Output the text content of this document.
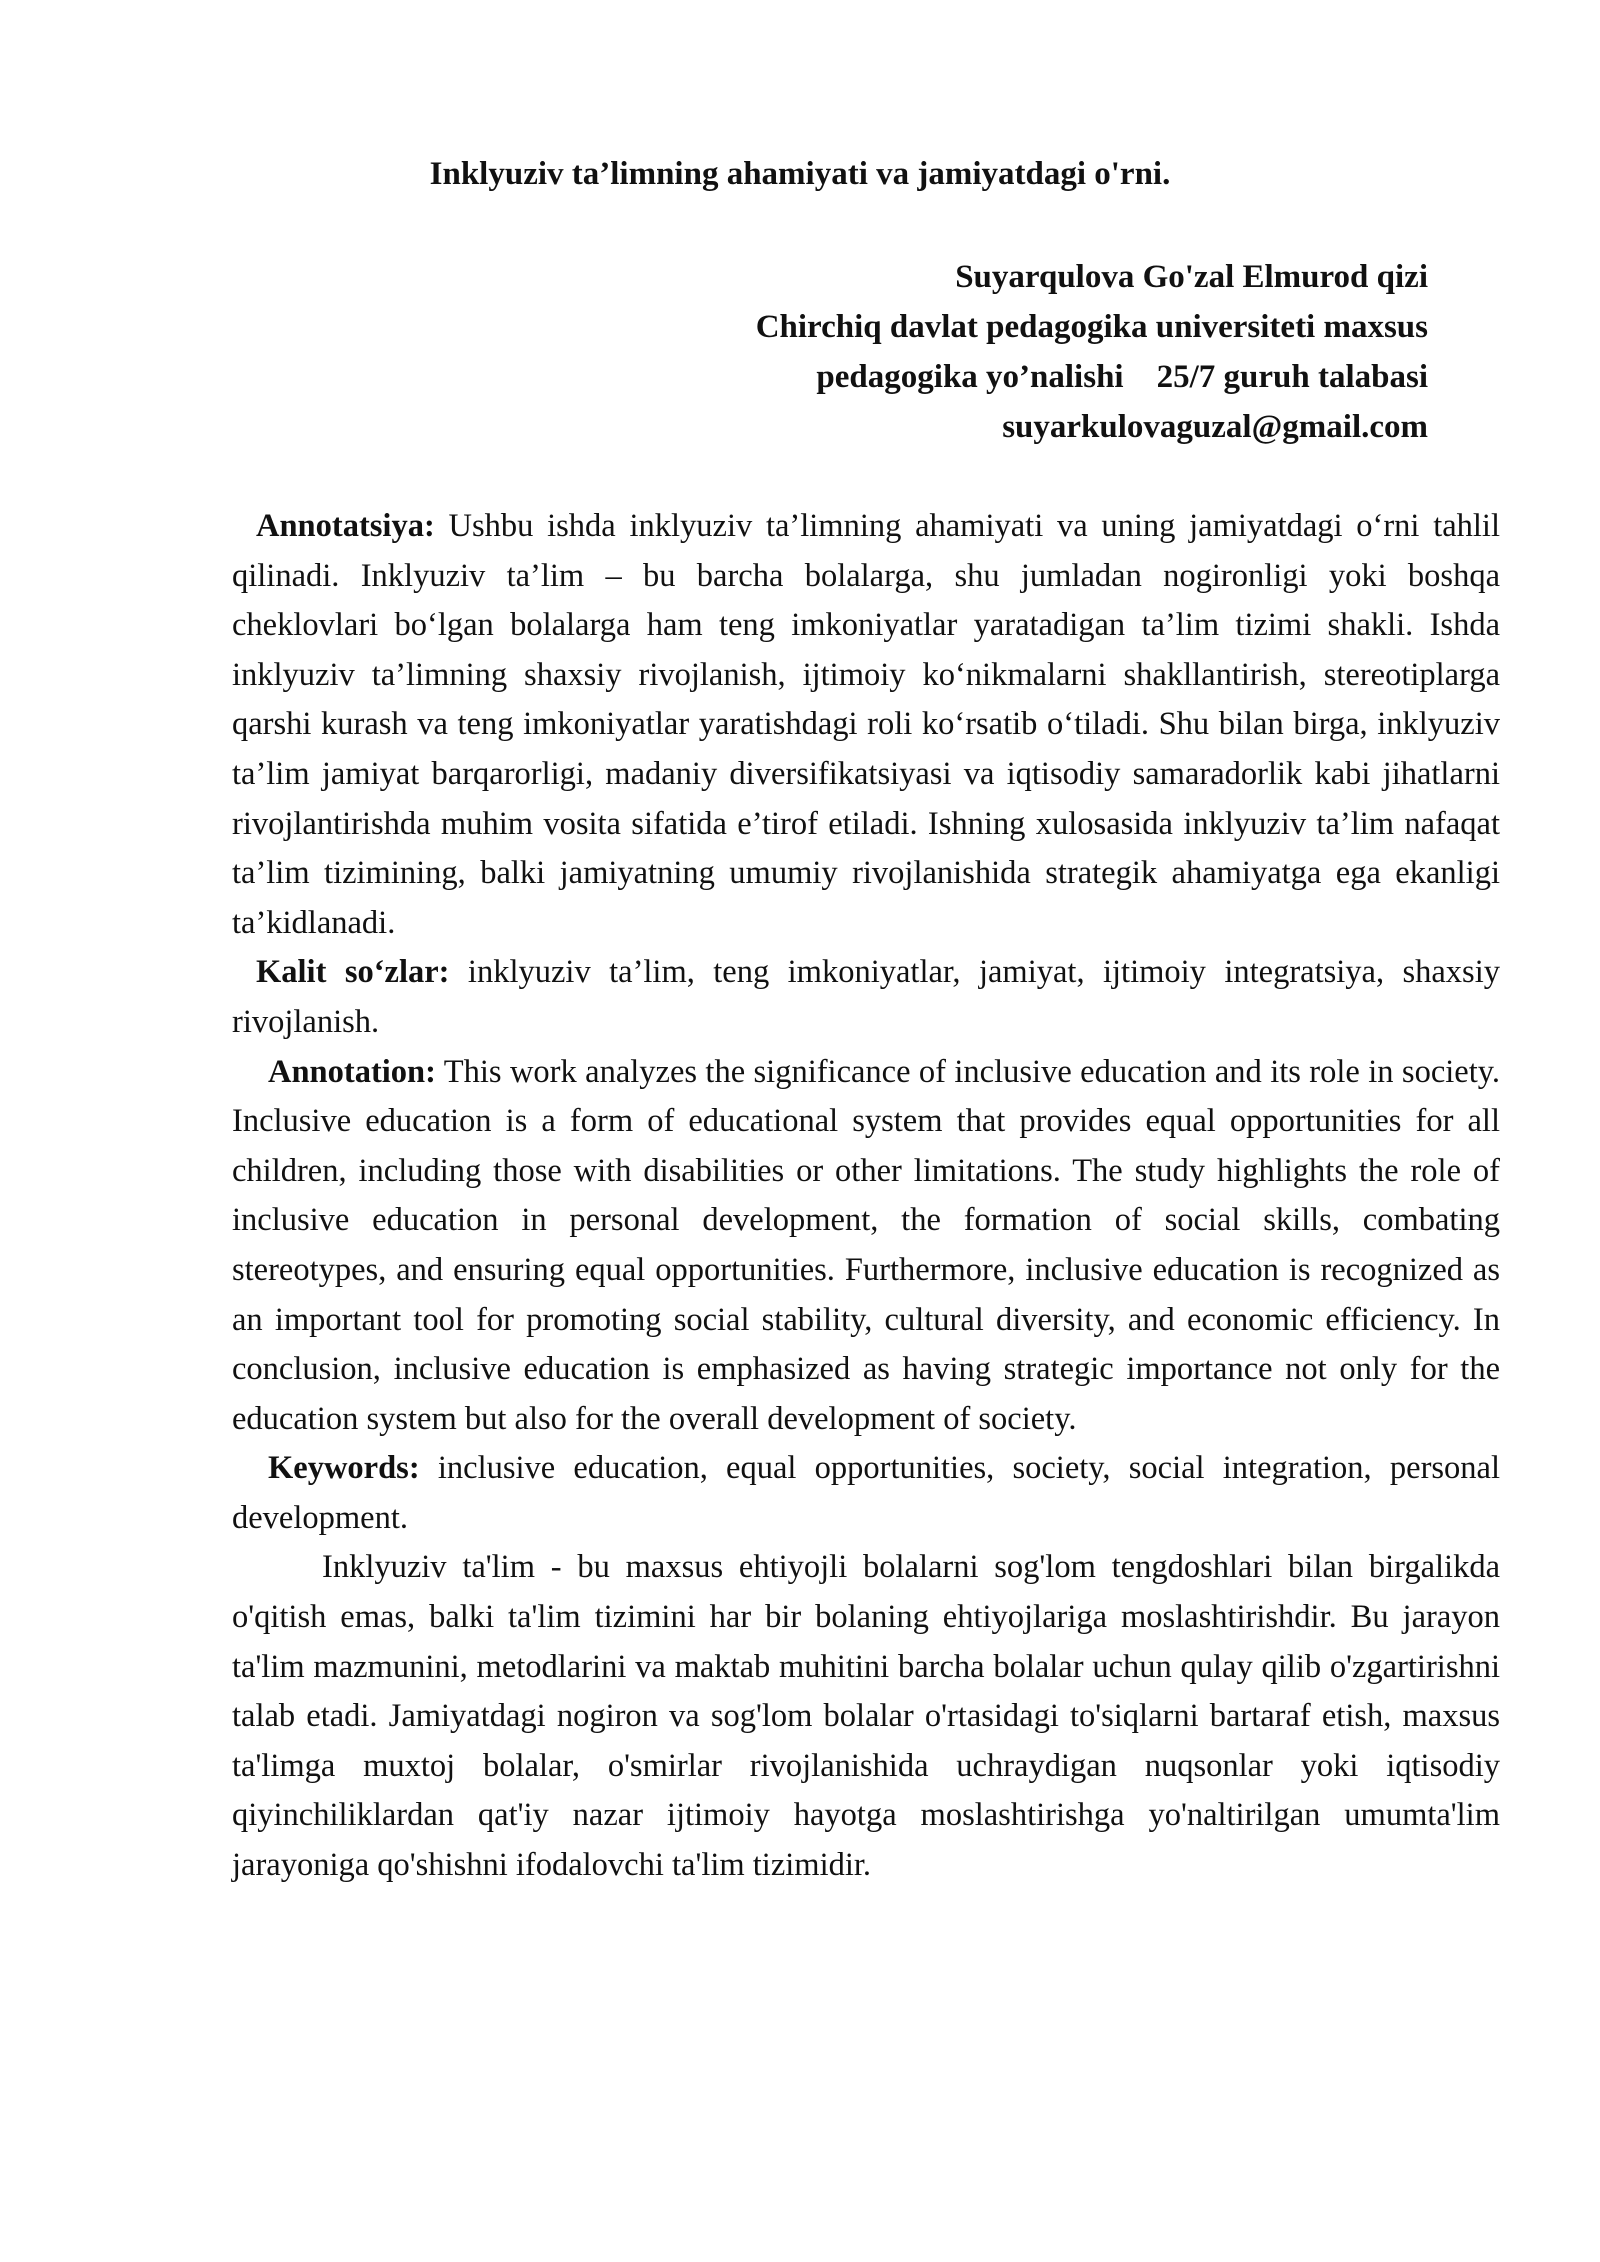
Inklyuziv ta’limning ahamiyati va jamiyatdagi o'rni.
Suyarqulova Go'zal Elmurod qizi
Chirchiq davlat pedagogika universiteti maxsus
pedagogika yo’nalishi    25/7 guruh talabasi
suyarkulovaguzal@gmail.com

Annotatsiya: Ushbu ishda inklyuziv ta’limning ahamiyati va uning jamiyatdagi o‘rni tahlil qilinadi. Inklyuziv ta’lim – bu barcha bolalarga, shu jumladan nogironligi yoki boshqa cheklovlari bo‘lgan bolalarga ham teng imkoniyatlar yaratadigan ta’lim tizimi shakli. Ishda inklyuziv ta’limning shaxsiy rivojlanish, ijtimoiy ko‘nikmalarni shakllantirish, stereotiplarga qarshi kurash va teng imkoniyatlar yaratishdagi roli ko‘rsatib o‘tiladi. Shu bilan birga, inklyuziv ta’lim jamiyat barqarorligi, madaniy diversifikatsiyasi va iqtisodiy samaradorlik kabi jihatlarni rivojlantirishda muhim vosita sifatida e’tirof etiladi. Ishning xulosasida inklyuziv ta’lim nafaqat ta’lim tizimining, balki jamiyatning umumiy rivojlanishida strategik ahamiyatga ega ekanligi ta’kidlanadi.

Kalit so‘zlar: inklyuziv ta’lim, teng imkoniyatlar, jamiyat, ijtimoiy integratsiya, shaxsiy rivojlanish.

Annotation: This work analyzes the significance of inclusive education and its role in society. Inclusive education is a form of educational system that provides equal opportunities for all children, including those with disabilities or other limitations. The study highlights the role of inclusive education in personal development, the formation of social skills, combating stereotypes, and ensuring equal opportunities. Furthermore, inclusive education is recognized as an important tool for promoting social stability, cultural diversity, and economic efficiency. In conclusion, inclusive education is emphasized as having strategic importance not only for the education system but also for the overall development of society.

Keywords: inclusive education, equal opportunities, society, social integration, personal development.

Inklyuziv ta'lim - bu maxsus ehtiyojli bolalarni sog'lom tengdoshlari bilan birgalikda o'qitish emas, balki ta'lim tizimini har bir bolaning ehtiyojlariga moslashtirishdir. Bu jarayon ta'lim mazmunini, metodlarini va maktab muhitini barcha bolalar uchun qulay qilib o'zgartirishni talab etadi. Jamiyatdagi nogiron va sog'lom bolalar o'rtasidagi to'siqlarni bartaraf etish, maxsus ta'limga muxtoj bolalar, o'smirlar rivojlanishida uchraydigan nuqsonlar yoki iqtisodiy qiyinchiliklardan qat'iy nazar ijtimoiy hayotga moslashtirishga yo'naltirilgan umumta'lim jarayoniga qo'shishni ifodalovchi ta'lim tizimidir.
